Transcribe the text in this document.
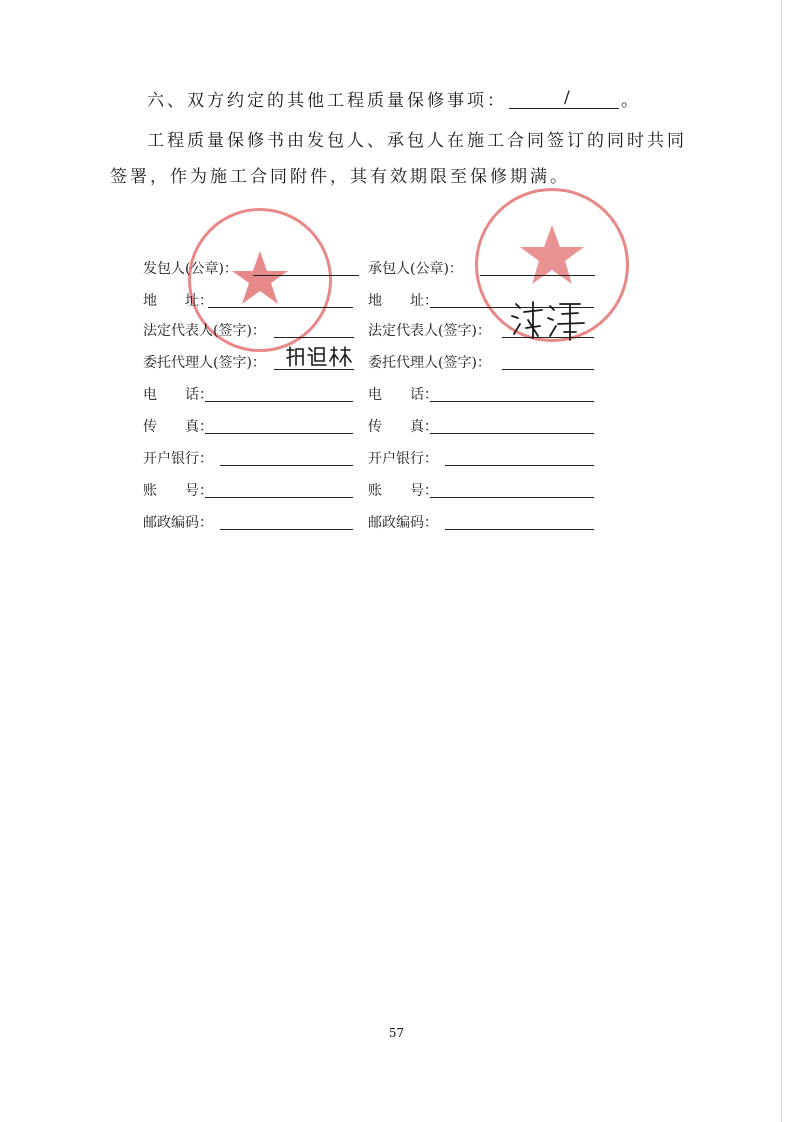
六、双方约定的其他工程质量保修事项：	/	。
工程质量保修书由发包人、承包人在施工合同签订的同时共同
签署，作为施工合同附件，其有效期限至保修期满。
发包人(公章)：
地　　址：
法定代表人(签字)：
委托代理人(签字)：
电　　话：
传　　真：
开户银行：
账　　号：
邮政编码：
承包人(公章)：
地　　址：
法定代表人(签字)：
委托代理人(签字)：
电　　话：
传　　真：
开户银行：
账　　号：
邮政编码：
57
